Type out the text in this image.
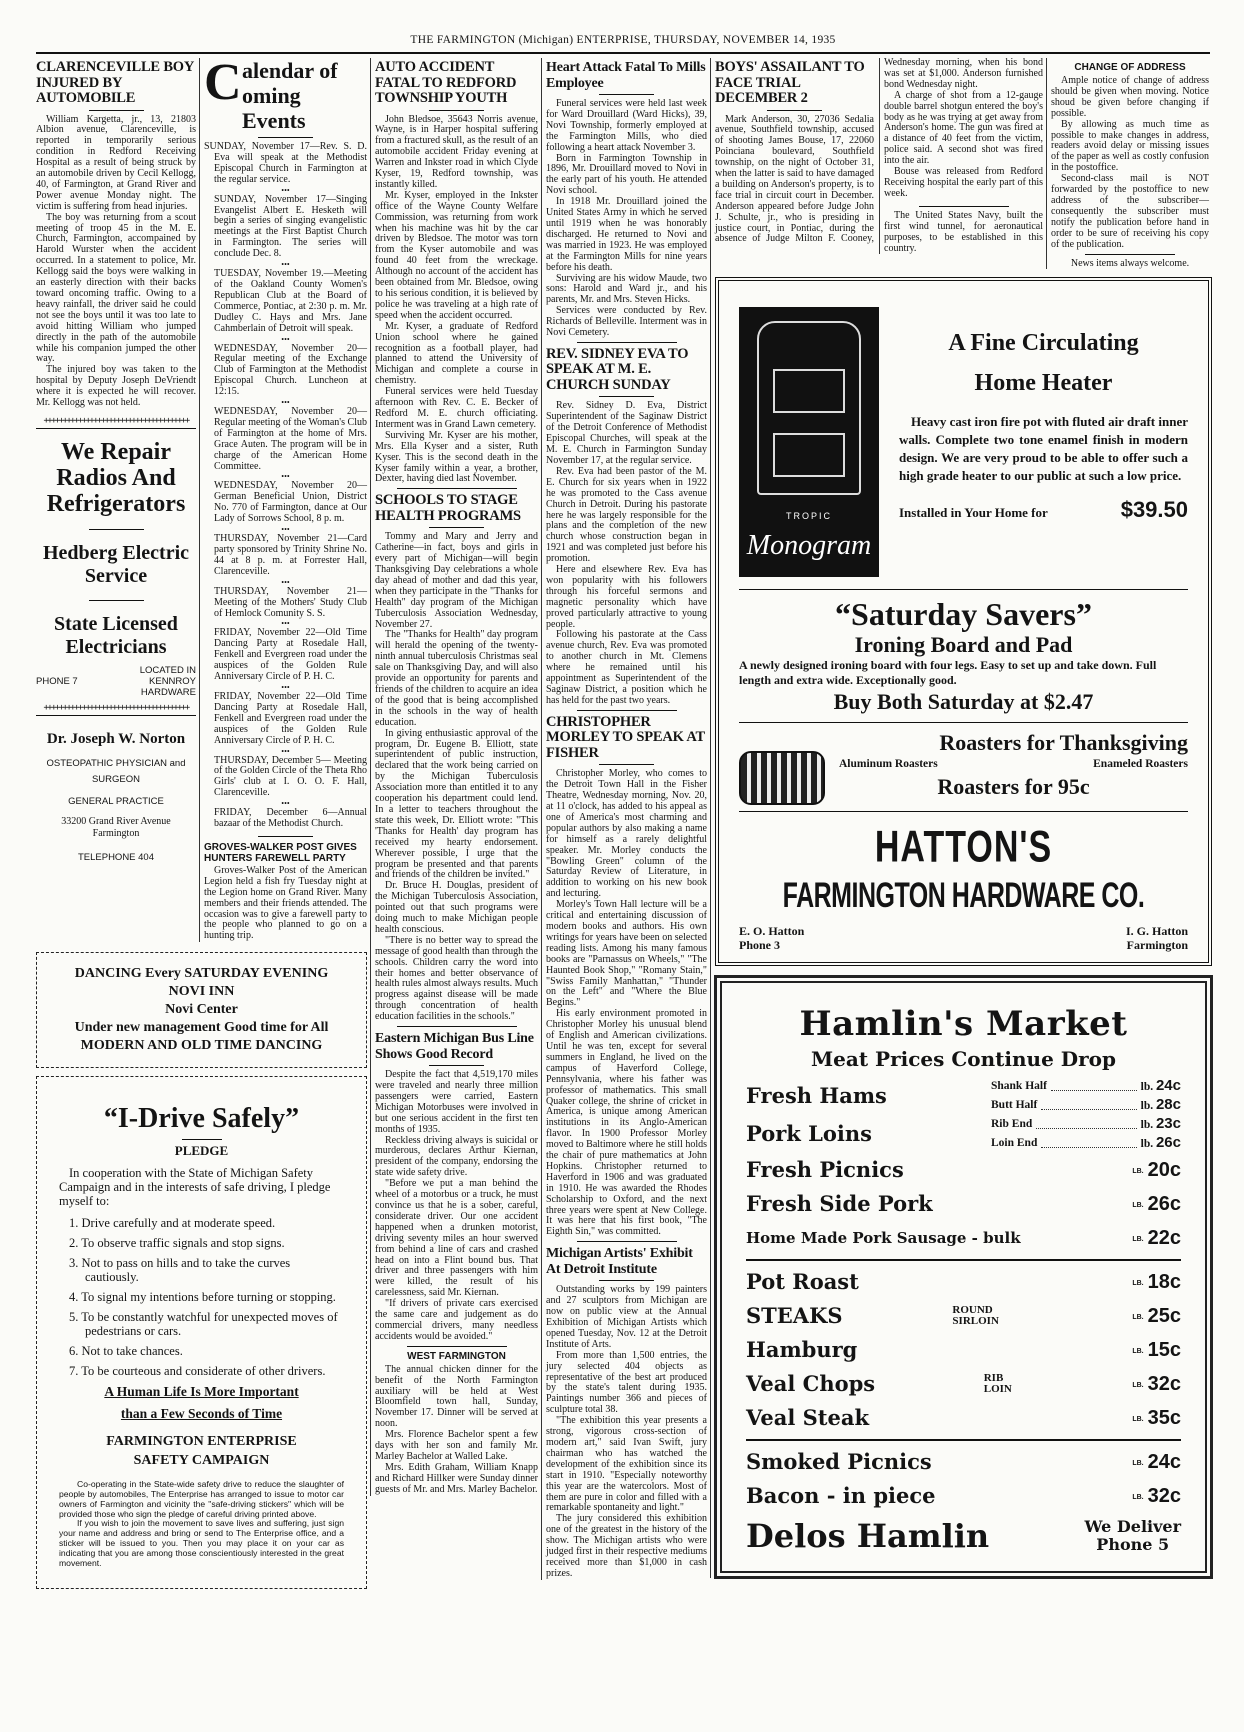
THE FARMINGTON (Michigan) ENTERPRISE, THURSDAY, NOVEMBER 14, 1935
CLARENCEVILLE BOY INJURED BY AUTOMOBILE

William Kargetta, jr., 13, 21803 Albion avenue, Clarenceville, is reported in temporarily serious condition in Redford Receiving Hospital as a result of being struck by an automobile driven by Cecil Kellogg, 40, of Farmington, at Grand River and Power avenue Monday night. The victim is suffering from head injuries.

The boy was returning from a scout meeting of troop 45 in the M. E. Church, Farmington, accompained by Harold Wurster when the accident occurred. In a statement to police, Mr. Kellogg said the boys were walking in an easterly direction with their backs toward oncoming traffic. Owing to a heavy rainfall, the driver said he could not see the boys until it was too late to avoid hitting William who jumped directly in the path of the automobile while his companion jumped the other way.

The injured boy was taken to the hospital by Deputy Joseph DeVriendt where it is expected he will recover. Mr. Kellogg was not held.

++++++++++++++++++++++++++++++++++++++
We Repair Radios And Refrigerators
Hedberg Electric Service
State Licensed Electricians
PHONE 7
LOCATED IN KENNROY HARDWARE
++++++++++++++++++++++++++++++++++++++
Dr. Joseph W. Norton
OSTEOPATHIC PHYSICIAN and SURGEON
GENERAL PRACTICE
33200 Grand River Avenue
Farmington
TELEPHONE 404
C alendar of
oming Events

SUNDAY, November 17—Rev. S. D. Eva will speak at the Methodist Episcopal Church in Farmington at the regular service.

••• SUNDAY, November 17—Singing Evangelist Albert E. Hesketh will begin a series of singing evangelistic meetings at the First Baptist Church in Farmington. The series will conclude Dec. 8.

••• TUESDAY, November 19.—Meeting of the Oakland County Women's Republican Club at the Board of Commerce, Pontiac, at 2:30 p. m. Mr. Dudley C. Hays and Mrs. Jane Cahmberlain of Detroit will speak.

••• WEDNESDAY, November 20—Regular meeting of the Exchange Club of Farmington at the Methodist Episcopal Church. Luncheon at 12:15.

••• WEDNESDAY, November 20—Regular meeting of the Woman's Club of Farmington at the home of Mrs. Grace Auten. The program will be in charge of the American Home Committee.

••• WEDNESDAY, November 20—German Beneficial Union, District No. 770 of Farmington, dance at Our Lady of Sorrows School, 8 p. m.

••• THURSDAY, November 21—Card party sponsored by Trinity Shrine No. 44 at 8 p. m. at Forrester Hall, Clarenceville.

••• THURSDAY, November 21—Meeting of the Mothers' Study Club of Hemlock Comunity S. S.

••• FRIDAY, November 22—Old Time Dancing Party at Rosedale Hall, Fenkell and Evergreen road under the auspices of the Golden Rule Anniversary Circle of P. H. C.

••• FRIDAY, November 22—Old Time Dancing Party at Rosedale Hall, Fenkell and Evergreen road under the auspices of the Golden Rule Anniversary Circle of P. H. C.

••• THURSDAY, December 5— Meeting of the Golden Circle of the Theta Rho Girls' club at I. O. O. F. Hall, Clarenceville.

••• FRIDAY, December 6—Annual bazaar of the Methodist Church.

GROVES-WALKER POST GIVES HUNTERS FAREWELL PARTY

Groves-Walker Post of the American Legion held a fish fry Tuesday night at the Legion home on Grand River. Many members and their friends attended. The occasion was to give a farewell party to the people who planned to go on a hunting trip.

DANCING Every SATURDAY EVENING
NOVI INN
Novi Center
Under new management Good time for All
MODERN AND OLD TIME DANCING
“I-Drive Safely”
PLEDGE
In cooperation with the State of Michigan Safety Campaign and in the interests of safe driving, I pledge myself to:

1. Drive carefully and at moderate speed.

2. To observe traffic signals and stop signs.

3. Not to pass on hills and to take the curves cautiously.

4. To signal my intentions before turning or stopping.

5. To be constantly watchful for unexpected moves of pedestrians or cars.

6. Not to take chances.

7. To be courteous and considerate of other drivers.

A Human Life Is More Important
than a Few Seconds of Time
FARMINGTON ENTERPRISE
SAFETY CAMPAIGN

Co-operating in the State-wide safety drive to reduce the slaughter of people by automobiles, The Enterprise has arranged to issue to motor car owners of Farmington and vicinity the "safe-driving stickers" which will be provided those who sign the pledge of careful driving printed above.

If you wish to join the movement to save lives and suffering, just sign your name and address and bring or send to The Enterprise office, and a sticker will be issued to you. Then you may place it on your car as indicating that you are among those conscientiously interested in the great movement.

AUTO ACCIDENT FATAL TO REDFORD TOWNSHIP YOUTH

John Bledsoe, 35643 Norris avenue, Wayne, is in Harper hospital suffering from a fractured skull, as the result of an automobile accident Friday evening at Warren and Inkster road in which Clyde Kyser, 19, Redford township, was instantly killed.

Mr. Kyser, employed in the Inkster office of the Wayne County Welfare Commission, was returning from work when his machine was hit by the car driven by Bledsoe. The motor was torn from the Kyser automobile and was found 40 feet from the wreckage. Although no account of the accident has been obtained from Mr. Bledsoe, owing to his serious condition, it is believed by police he was traveling at a high rate of speed when the accident occurred.

Mr. Kyser, a graduate of Redford Union school where he gained recognition as a football player, had planned to attend the University of Michigan and complete a course in chemistry.

Funeral services were held Tuesday afternoon with Rev. C. E. Becker of Redford M. E. church officiating. Interment was in Grand Lawn cemetery.

Surviving Mr. Kyser are his mother, Mrs. Ella Kyser and a sister, Ruth Kyser. This is the second death in the Kyser family within a year, a brother, Dexter, having died last November.

SCHOOLS TO STAGE HEALTH PROGRAMS

Tommy and Mary and Jerry and Catherine—in fact, boys and girls in every part of Michigan—will begin Thanksgiving Day celebrations a whole day ahead of mother and dad this year, when they participate in the "Thanks for Health" day program of the Michigan Tuberculosis Association Wednesday, November 27.

The "Thanks for Health" day program will herald the opening of the twenty-ninth annual tuberculosis Christmas seal sale on Thanksgiving Day, and will also provide an opportunity for parents and friends of the children to acquire an idea of the good that is being accomplished in the schools in the way of health education.

In giving enthusiastic approval of the program, Dr. Eugene B. Elliott, state superintendent of public instruction, declared that the work being carried on by the Michigan Tuberculosis Association more than entitled it to any cooperation his department could lend. In a letter to teachers throughout the state this week, Dr. Elliott wrote: "This 'Thanks for Health' day program has received my hearty endorsement. Wherever possible, I urge that the program be presented and that parents and friends of the children be invited."

Dr. Bruce H. Douglas, president of the Michigan Tuberculosis Association, pointed out that such programs were doing much to make Michigan people health conscious.

"There is no better way to spread the message of good health than through the schools. Children carry the word into their homes and better observance of health rules almost always results. Much progress against disease will be made through concentration of health education facilities in the schools."

Eastern Michigan Bus Line Shows Good Record

Despite the fact that 4,519,170 miles were traveled and nearly three million passengers were carried, Eastern Michigan Motorbuses were involved in but one serious accident in the first ten months of 1935.

Reckless driving always is suicidal or murderous, declares Arthur Kiernan, president of the company, endorsing the state wide safety drive.

"Before we put a man behind the wheel of a motorbus or a truck, he must convince us that he is a sober, careful, considerate driver. Our one accident happened when a drunken motorist, driving seventy miles an hour swerved from behind a line of cars and crashed head on into a Flint bound bus. That driver and three passengers with him were killed, the result of his carelessness, said Mr. Kiernan.

"If drivers of private cars exercised the same care and judgement as do commercial drivers, many needless accidents would be avoided."

WEST FARMINGTON

The annual chicken dinner for the benefit of the North Farmington auxiliary will be held at West Bloomfield town hall, Sunday, November 17. Dinner will be served at noon.

Mrs. Florence Bachelor spent a few days with her son and family Mr. Marley Bachelor at Walled Lake.

Mrs. Edith Graham, William Knapp and Richard Hillker were Sunday dinner guests of Mr. and Mrs. Marley Bachelor.

Heart Attack Fatal To Mills Employee

Funeral services were held last week for Ward Drouillard (Ward Hicks), 39, Novi Township, formerly employed at the Farmington Mills, who died following a heart attack November 3.

Born in Farmington Township in 1896, Mr. Drouillard moved to Novi in the early part of his youth. He attended Novi school.

In 1918 Mr. Drouillard joined the United States Army in which he served until 1919 when he was honorably discharged. He returned to Novi and was married in 1923. He was employed at the Farmington Mills for nine years before his death.

Surviving are his widow Maude, two sons: Harold and Ward jr., and his parents, Mr. and Mrs. Steven Hicks.

Services were conducted by Rev. Richards of Belleville. Interment was in Novi Cemetery.

REV. SIDNEY EVA TO SPEAK AT M. E. CHURCH SUNDAY

Rev. Sidney D. Eva, District Superintendent of the Saginaw District of the Detroit Conference of Methodist Episcopal Churches, will speak at the M. E. Church in Farmington Sunday November 17, at the regular service.

Rev. Eva had been pastor of the M. E. Church for six years when in 1922 he was promoted to the Cass avenue Church in Detroit. During his pastorate here he was largely responsible for the plans and the completion of the new church whose construction began in 1921 and was completed just before his promotion.

Here and elsewhere Rev. Eva has won popularity with his followers through his forceful sermons and magnetic personality which have proved particularly attractive to young people.

Following his pastorate at the Cass avenue church, Rev. Eva was promoted to another church in Mt. Clemens where he remained until his appointment as Superintendent of the Saginaw District, a position which he has held for the past two years.

CHRISTOPHER MORLEY TO SPEAK AT FISHER

Christopher Morley, who comes to the Detroit Town Hall in the Fisher Theatre, Wednesday morning, Nov. 20, at 11 o'clock, has added to his appeal as one of America's most charming and popular authors by also making a name for himself as a rarely delightful speaker. Mr. Morley conducts the "Bowling Green" column of the Saturday Review of Literature, in addition to working on his new book and lecturing.

Morley's Town Hall lecture will be a critical and entertaining discussion of modern books and authors. His own writings for years have been on selected reading lists. Among his many famous books are "Parnassus on Wheels," "The Haunted Book Shop," "Romany Stain," "Swiss Family Manhattan," "Thunder on the Left" and "Where the Blue Begins."

His early environment promoted in Christopher Morley his unusual blend of English and American civilizations. Until he was ten, except for several summers in England, he lived on the campus of Haverford College, Pennsylvania, where his father was professor of mathematics. This small Quaker college, the shrine of cricket in America, is unique among American institutions in its Anglo-American flavor. In 1900 Professor Morley moved to Baltimore where he still holds the chair of pure mathematics at John Hopkins. Christopher returned to Haverford in 1906 and was graduated in 1910. He was awarded the Rhodes Scholarship to Oxford, and the next three years were spent at New College. It was here that his first book, "The Eighth Sin," was committed.

Michigan Artists' Exhibit At Detroit Institute

Outstanding works by 199 painters and 27 sculptors from Michigan are now on public view at the Annual Exhibition of Michigan Artists which opened Tuesday, Nov. 12 at the Detroit Institute of Arts.

From more than 1,500 entries, the jury selected 404 objects as representative of the best art produced by the state's talent during 1935. Paintings number 366 and pieces of sculpture total 38.

"The exhibition this year presents a strong, vigorous cross-section of modern art," said Ivan Swift, jury chairman who has watched the development of the exhibition since its start in 1910. "Especially noteworthy this year are the watercolors. Most of them are pure in color and filled with a remarkable spontaneity and light."

The jury considered this exhibition one of the greatest in the history of the show. The Michigan artists who were judged first in their respective mediums received more than $1,000 in cash prizes.

BOYS' ASSAILANT TO FACE TRIAL DECEMBER 2

Mark Anderson, 30, 27036 Sedalia avenue, Southfield township, accused of shooting James Bouse, 17, 22060 Poinciana boulevard, Southfield township, on the night of October 31, when the latter is said to have damaged a building on Anderson's property, is to face trial in circuit court in December. Anderson appeared before Judge John J. Schulte, jr., who is presiding in justice court, in Pontiac, during the absence of Judge Milton F. Cooney, Wednesday morning, when his bond was set at $1,000. Anderson furnished bond Wednesday night.

A charge of shot from a 12-gauge double barrel shotgun entered the boy's body as he was trying at get away from Anderson's home. The gun was fired at a distance of 40 feet from the victim, police said. A second shot was fired into the air.

Bouse was released from Redford Receiving hospital the early part of this week.

The United States Navy, built the first wind tunnel, for aeronautical purposes, to be established in this country.

CHANGE OF ADDRESS

Ample notice of change of address should be given when moving. Notice shoud be given before changing if possible.

By allowing as much time as possible to make changes in address, readers avoid delay or missing issues of the paper as well as costly confusion in the postoffice.

Second-class mail is NOT forwarded by the postoffice to new address of the subscriber—consequently the subscriber must notify the publication before hand in order to be sure of receiving his copy of the publication.

News items always welcome.
TROPIC
Monogram
A Fine Circulating
Home Heater

Heavy cast iron fire pot with fluted air draft inner walls. Complete two tone enamel finish in modern design. We are very proud to be able to offer such a high grade heater to our public at such a low price.

Installed in Your Home for	$39.50
“Saturday Savers”
Ironing Board and Pad
A newly designed ironing board with four legs. Easy to set up and take down. Full length and extra wide. Exceptionally good.
Buy Both Saturday at $2.47
Roasters for Thanksgiving
Aluminum Roasters	Enameled Roasters
Roasters for 95c
HATTON'S
FARMINGTON HARDWARE CO.
E. O. Hatton
Phone 3
I. G. Hatton
Farmington
Hamlin's Market
Meat Prices Continue Drop
Fresh Hams	Shank Half	lb. 24c
Butt Half	lb. 28c
Pork Loins	Rib End	lb. 23c
Loin End	lb. 26c
Fresh Picnics	LB. 20c
Fresh Side Pork	LB. 26c
Home Made Pork Sausage - bulk	LB. 22c
Pot Roast	LB. 18c
STEAKS	ROUND SIRLOIN	LB. 25c
Hamburg	LB. 15c
Veal Chops	RIB LOIN	LB. 32c
Veal Steak	LB. 35c
Smoked Picnics	LB. 24c
Bacon - in piece	LB. 32c
Delos Hamlin	We Deliver
Phone 5
